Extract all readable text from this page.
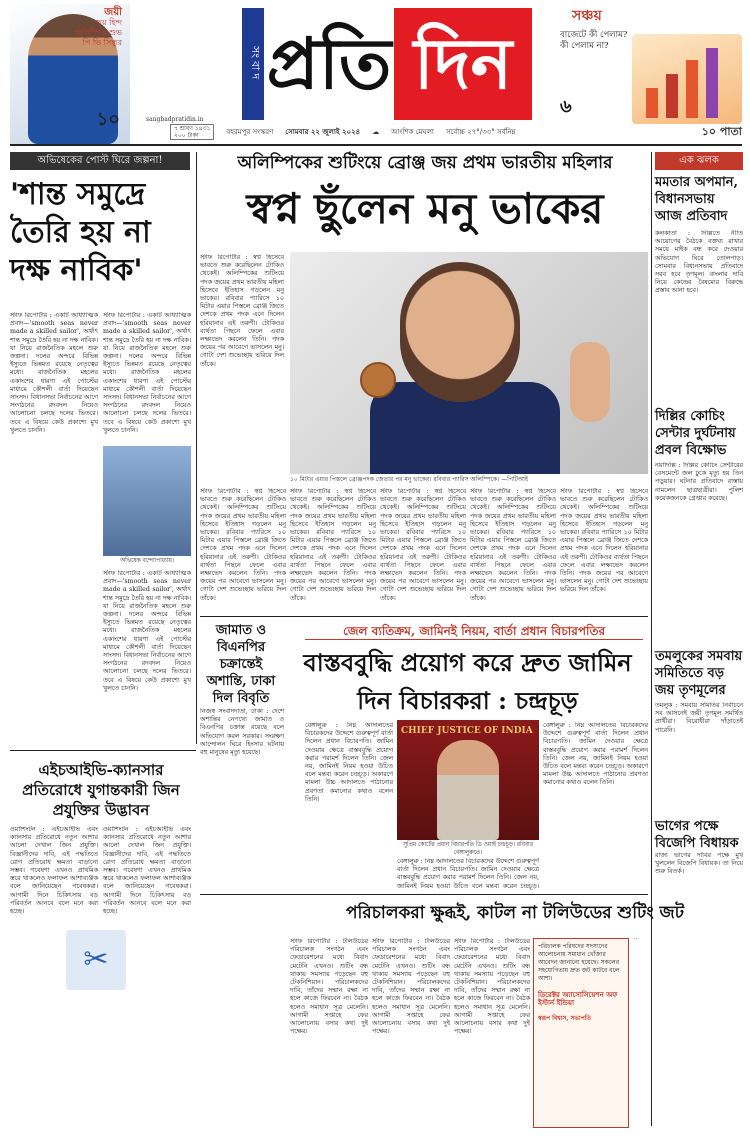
জয়ী
জয় হিন্দ অলিম্পিক শুভ পি ভি সিন্ধুর
১০	sangbadpratidin.in
সংবাদ প্রতি দিন
সঞ্চয়
বাজেটে কী পেলাম?
কী পেলাম না?
৬
৭ শ্রাবণ ১৪৩১
২০০ টাকা	বহরমপুর সংস্করণ সোমবার ২২ জুলাই ২০২৪ ☁ আংশিক মেঘলা সর্বোচ্চ ২৭°/৩৩° সর্বনিম্ন	১০ পাতা
অভিষেকের পোস্ট ঘিরে জল্পনা!
'শান্ত সমুদ্রে তৈরি হয় না দক্ষ নাবিক'
স্টাফ রিপোর্টার : একটি আধ্যাত্মিক প্রবাদ—'smooth seas never made a skilled sailor', অর্থাৎ শান্ত সমুদ্রে তৈরি হয় না দক্ষ নাবিক। যা নিয়ে রাজনৈতিক মহলে শুরু জল্পনা। দলের অন্দরে বিভিন্ন ইস্যুতে ভিন্নমত রয়েছে নেতৃত্বের মধ্যে। রাজনৈতিক মহলের একাংশের ধারণা এই পোস্টের মাধ্যমে কৌশলী বার্তা দিয়েছেন সাংসদ। বিধানসভা নির্বাচনের আগে সংগঠনের রদবদল নিয়েও আলোচনা চলছে দলের ভিতরে। তবে এ বিষয়ে কেউ প্রকাশ্যে মুখ খুলতে চাননি।
স্টাফ রিপোর্টার : একটি আধ্যাত্মিক প্রবাদ—'smooth seas never made a skilled sailor', অর্থাৎ শান্ত সমুদ্রে তৈরি হয় না দক্ষ নাবিক। যা নিয়ে রাজনৈতিক মহলে শুরু জল্পনা। দলের অন্দরে বিভিন্ন ইস্যুতে ভিন্নমত রয়েছে নেতৃত্বের মধ্যে। রাজনৈতিক মহলের একাংশের ধারণা এই পোস্টের মাধ্যমে কৌশলী বার্তা দিয়েছেন সাংসদ। বিধানসভা নির্বাচনের আগে সংগঠনের রদবদল নিয়েও আলোচনা চলছে দলের ভিতরে। তবে এ বিষয়ে কেউ প্রকাশ্যে মুখ খুলতে চাননি।
অভিষেক বন্দ্যোপাধ্যায়।
স্টাফ রিপোর্টার : একটি আধ্যাত্মিক প্রবাদ—'smooth seas never made a skilled sailor', অর্থাৎ শান্ত সমুদ্রে তৈরি হয় না দক্ষ নাবিক। যা নিয়ে রাজনৈতিক মহলে শুরু জল্পনা। দলের অন্দরে বিভিন্ন ইস্যুতে ভিন্নমত রয়েছে নেতৃত্বের মধ্যে। রাজনৈতিক মহলের একাংশের ধারণা এই পোস্টের মাধ্যমে কৌশলী বার্তা দিয়েছেন সাংসদ। বিধানসভা নির্বাচনের আগে সংগঠনের রদবদল নিয়েও আলোচনা চলছে দলের ভিতরে। তবে এ বিষয়ে কেউ প্রকাশ্যে মুখ খুলতে চাননি।
অলিম্পিকের শুটিংয়ে ব্রোঞ্জ জয় প্রথম ভারতীয় মহিলার
স্বপ্ন ছুঁলেন মনু ভাকের
স্টাফ রিপোর্টার : স্বপ্ন হিসেবে ভাবতে শুরু করেছিলেন টোকিও থেকেই। অলিম্পিকের শুটিংয়ে পদক জয়ের প্রথম ভারতীয় মহিলা হিসেবে ইতিহাস গড়লেন মনু ভাকের। রবিবার প্যারিসে ১০ মিটার এয়ার পিস্তলে ব্রোঞ্জ জিতে দেশকে প্রথম পদক এনে দিলেন হরিয়ানার এই তরুণী। টোকিওর ব্যর্থতা পিছনে ফেলে এবার লক্ষ্যভেদ করলেন তিনি। পদক জয়ের পর আবেগে ভাসলেন মনু। গোটা দেশ শুভেচ্ছায় ভরিয়ে দিল তাঁকে।
১০ মিটার এয়ার পিস্তলে ব্রোঞ্জপদক জেতার পর মনু ভাকের। রবিবার প্যারিস অলিম্পিকে। —পিটিআই
স্টাফ রিপোর্টার : স্বপ্ন হিসেবে ভাবতে শুরু করেছিলেন টোকিও থেকেই। অলিম্পিকের শুটিংয়ে পদক জয়ের প্রথম ভারতীয় মহিলা হিসেবে ইতিহাস গড়লেন মনু ভাকের। রবিবার প্যারিসে ১০ মিটার এয়ার পিস্তলে ব্রোঞ্জ জিতে দেশকে প্রথম পদক এনে দিলেন হরিয়ানার এই তরুণী। টোকিওর ব্যর্থতা পিছনে ফেলে এবার লক্ষ্যভেদ করলেন তিনি। পদক জয়ের পর আবেগে ভাসলেন মনু। গোটা দেশ শুভেচ্ছায় ভরিয়ে দিল তাঁকে।
স্টাফ রিপোর্টার : স্বপ্ন হিসেবে ভাবতে শুরু করেছিলেন টোকিও থেকেই। অলিম্পিকের শুটিংয়ে পদক জয়ের প্রথম ভারতীয় মহিলা হিসেবে ইতিহাস গড়লেন মনু ভাকের। রবিবার প্যারিসে ১০ মিটার এয়ার পিস্তলে ব্রোঞ্জ জিতে দেশকে প্রথম পদক এনে দিলেন হরিয়ানার এই তরুণী। টোকিওর ব্যর্থতা পিছনে ফেলে এবার লক্ষ্যভেদ করলেন তিনি। পদক জয়ের পর আবেগে ভাসলেন মনু। গোটা দেশ শুভেচ্ছায় ভরিয়ে দিল তাঁকে।
স্টাফ রিপোর্টার : স্বপ্ন হিসেবে ভাবতে শুরু করেছিলেন টোকিও থেকেই। অলিম্পিকের শুটিংয়ে পদক জয়ের প্রথম ভারতীয় মহিলা হিসেবে ইতিহাস গড়লেন মনু ভাকের। রবিবার প্যারিসে ১০ মিটার এয়ার পিস্তলে ব্রোঞ্জ জিতে দেশকে প্রথম পদক এনে দিলেন হরিয়ানার এই তরুণী। টোকিওর ব্যর্থতা পিছনে ফেলে এবার লক্ষ্যভেদ করলেন তিনি। পদক জয়ের পর আবেগে ভাসলেন মনু। গোটা দেশ শুভেচ্ছায় ভরিয়ে দিল তাঁকে।
স্টাফ রিপোর্টার : স্বপ্ন হিসেবে ভাবতে শুরু করেছিলেন টোকিও থেকেই। অলিম্পিকের শুটিংয়ে পদক জয়ের প্রথম ভারতীয় মহিলা হিসেবে ইতিহাস গড়লেন মনু ভাকের। রবিবার প্যারিসে ১০ মিটার এয়ার পিস্তলে ব্রোঞ্জ জিতে দেশকে প্রথম পদক এনে দিলেন হরিয়ানার এই তরুণী। টোকিওর ব্যর্থতা পিছনে ফেলে এবার লক্ষ্যভেদ করলেন তিনি। পদক জয়ের পর আবেগে ভাসলেন মনু। গোটা দেশ শুভেচ্ছায় ভরিয়ে দিল তাঁকে।
স্টাফ রিপোর্টার : স্বপ্ন হিসেবে ভাবতে শুরু করেছিলেন টোকিও থেকেই। অলিম্পিকের শুটিংয়ে পদক জয়ের প্রথম ভারতীয় মহিলা হিসেবে ইতিহাস গড়লেন মনু ভাকের। রবিবার প্যারিসে ১০ মিটার এয়ার পিস্তলে ব্রোঞ্জ জিতে দেশকে প্রথম পদক এনে দিলেন হরিয়ানার এই তরুণী। টোকিওর ব্যর্থতা পিছনে ফেলে এবার লক্ষ্যভেদ করলেন তিনি। পদক জয়ের পর আবেগে ভাসলেন মনু। গোটা দেশ শুভেচ্ছায় ভরিয়ে দিল তাঁকে।
এক ঝলক
মমতার অপমান, বিধানসভায় আজ প্রতিবাদ
কলকাতা : দিল্লিতে নীতি আয়োগের বৈঠকে বক্তব্য রাখার সময়ে মাইক বন্ধ করে দেওয়ার অভিযোগ ঘিরে তোলপাড়। সোমবার বিধানসভায় প্রতিবাদে সরব হবে তৃণমূল। বাংলার দাবি নিয়ে কেন্দ্রের বৈষম্যের বিরুদ্ধে প্রস্তাব আনা হবে।
দিল্লির কোচিং সেন্টার দুর্ঘটনায় প্রবল বিক্ষোভ
নয়াদিল্লি : দিল্লির কোচিং সেন্টারের বেসমেন্টে জল ঢুকে মৃত্যু হয় তিন পড়ুয়ার। ঘটনার প্রতিবাদে রাস্তায় নামলেন ছাত্রছাত্রীরা। পুলিশ কয়েকজনকে গ্রেপ্তার করেছে।
তমলুকের সমবায় সমিতিতে বড় জয় তৃণমূলের
তমলুক : সমবায় সমিতির নির্বাচনে সব আসনেই জয়ী তৃণমূল সমর্থিত প্রার্থীরা। বিরোধীরা দাঁড়াতেই পারেনি।
ভাগের পক্ষে বিজেপি বিধায়ক
রাজ্য ভাগের দাবির পক্ষে মুখ খুললেন বিজেপি বিধায়ক। তা নিয়ে শুরু বিতর্ক।
জামাত ও বিএনপির চক্রান্তেই অশান্তি, ঢাকা দিল বিবৃতি
নিজস্ব সংবাদদাতা, ঢাকা : দেশে অশান্তির নেপথ্যে জামাত ও বিএনপির চক্রান্ত রয়েছে বলে অভিযোগ করল সরকার। সংরক্ষণ আন্দোলন ঘিরে হিংসার ঘটনায় বহু মানুষের মৃত্যু হয়েছে।
জেল ব্যতিক্রম, জামিনই নিয়ম, বার্তা প্রধান বিচারপতির
বাস্তববুদ্ধি প্রয়োগ করে দ্রুত জামিন দিন বিচারকরা : চন্দ্রচূড়
বেঙ্গালুরু : নিম্ন আদালতের বিচারকদের উদ্দেশে গুরুত্বপূর্ণ বার্তা দিলেন প্রধান বিচারপতি। জামিন দেওয়ার ক্ষেত্রে বাস্তববুদ্ধি প্রয়োগ করার পরামর্শ দিলেন তিনি। জেল নয়, জামিনই নিয়ম হওয়া উচিত বলে মন্তব্য করেন চন্দ্রচূড়। অকারণে মামলা উচ্চ আদালতে পাঠানোর প্রবণতা কমানোর কথাও বলেন তিনি।
CHIEF JUSTICE OF INDIA
সুপ্রিম কোর্টের প্রধান বিচারপতি ডি ওয়াই চন্দ্রচূড়। রবিবার বেঙ্গালুরুতে।
বেঙ্গালুরু : নিম্ন আদালতের বিচারকদের উদ্দেশে গুরুত্বপূর্ণ বার্তা দিলেন প্রধান বিচারপতি। জামিন দেওয়ার ক্ষেত্রে বাস্তববুদ্ধি প্রয়োগ করার পরামর্শ দিলেন তিনি। জেল নয়, জামিনই নিয়ম হওয়া উচিত বলে মন্তব্য করেন চন্দ্রচূড়। অকারণে মামলা উচ্চ আদালতে পাঠানোর প্রবণতা কমানোর কথাও বলেন তিনি।
বেঙ্গালুরু : নিম্ন আদালতের বিচারকদের উদ্দেশে গুরুত্বপূর্ণ বার্তা দিলেন প্রধান বিচারপতি। জামিন দেওয়ার ক্ষেত্রে বাস্তববুদ্ধি প্রয়োগ করার পরামর্শ দিলেন তিনি। জেল নয়, জামিনই নিয়ম হওয়া উচিত বলে মন্তব্য করেন চন্দ্রচূড়।
এইচআইভি-ক্যানসার প্রতিরোধে যুগান্তকারী জিন প্রযুক্তির উদ্ভাবন
ওয়াশিংটন : এইচআইভি এবং ক্যানসার প্রতিরোধে নতুন আশার আলো দেখাল জিন প্রযুক্তি। বিজ্ঞানীদের দাবি, এই পদ্ধতিতে রোগ প্রতিরোধ ক্ষমতা বাড়ানো সম্ভব। গবেষণা এখনও প্রাথমিক স্তরে থাকলেও ফলাফল আশাব্যঞ্জক বলে জানিয়েছেন গবেষকরা। আগামী দিনে চিকিৎসায় বড় পরিবর্তন আনবে বলে মনে করা হচ্ছে।
ওয়াশিংটন : এইচআইভি এবং ক্যানসার প্রতিরোধে নতুন আশার আলো দেখাল জিন প্রযুক্তি। বিজ্ঞানীদের দাবি, এই পদ্ধতিতে রোগ প্রতিরোধ ক্ষমতা বাড়ানো সম্ভব। গবেষণা এখনও প্রাথমিক স্তরে থাকলেও ফলাফল আশাব্যঞ্জক বলে জানিয়েছেন গবেষকরা। আগামী দিনে চিকিৎসায় বড় পরিবর্তন আনবে বলে মনে করা হচ্ছে।
✂
পরিচালকরা ক্ষুব্ধই, কাটল না টলিউডের শুটিং জট
স্টাফ রিপোর্টার : টলিউডের পরিচালক সংগঠন এবং ফেডারেশনের মধ্যে বিবাদ মেটেনি এখনও। শুটিং বন্ধ থাকায় সমস্যায় পড়েছেন বহু টেকনিশিয়ান। পরিচালকদের দাবি, তাঁদের সম্মান রক্ষা না হলে কাজে ফিরবেন না। বৈঠক হলেও সমাধান সূত্র মেলেনি। আগামী সপ্তাহে ফের আলোচনায় বসার কথা দুই পক্ষের।
স্টাফ রিপোর্টার : টলিউডের পরিচালক সংগঠন এবং ফেডারেশনের মধ্যে বিবাদ মেটেনি এখনও। শুটিং বন্ধ থাকায় সমস্যায় পড়েছেন বহু টেকনিশিয়ান। পরিচালকদের দাবি, তাঁদের সম্মান রক্ষা না হলে কাজে ফিরবেন না। বৈঠক হলেও সমাধান সূত্র মেলেনি। আগামী সপ্তাহে ফের আলোচনায় বসার কথা দুই পক্ষের।
স্টাফ রিপোর্টার : টলিউডের পরিচালক সংগঠন এবং ফেডারেশনের মধ্যে বিবাদ মেটেনি এখনও। শুটিং বন্ধ থাকায় সমস্যায় পড়েছেন বহু টেকনিশিয়ান। পরিচালকদের দাবি, তাঁদের সম্মান রক্ষা না হলে কাজে ফিরবেন না। বৈঠক হলেও সমাধান সূত্র মেলেনি। আগামী সপ্তাহে ফের আলোচনায় বসার কথা দুই পক্ষের।
পরিচালক পরিষদের সদস্যদের আলোচনায় সমাধান খোঁজার আবেদন জানানো হয়েছে। সকলের সহযোগিতায় দ্রুত জট কাটবে বলে আশা।
ডিরেক্টর অ্যাসোসিয়েশন অফ ইস্টার্ন ইন্ডিয়া
স্বরূপ বিশ্বাস, সভাপতি
